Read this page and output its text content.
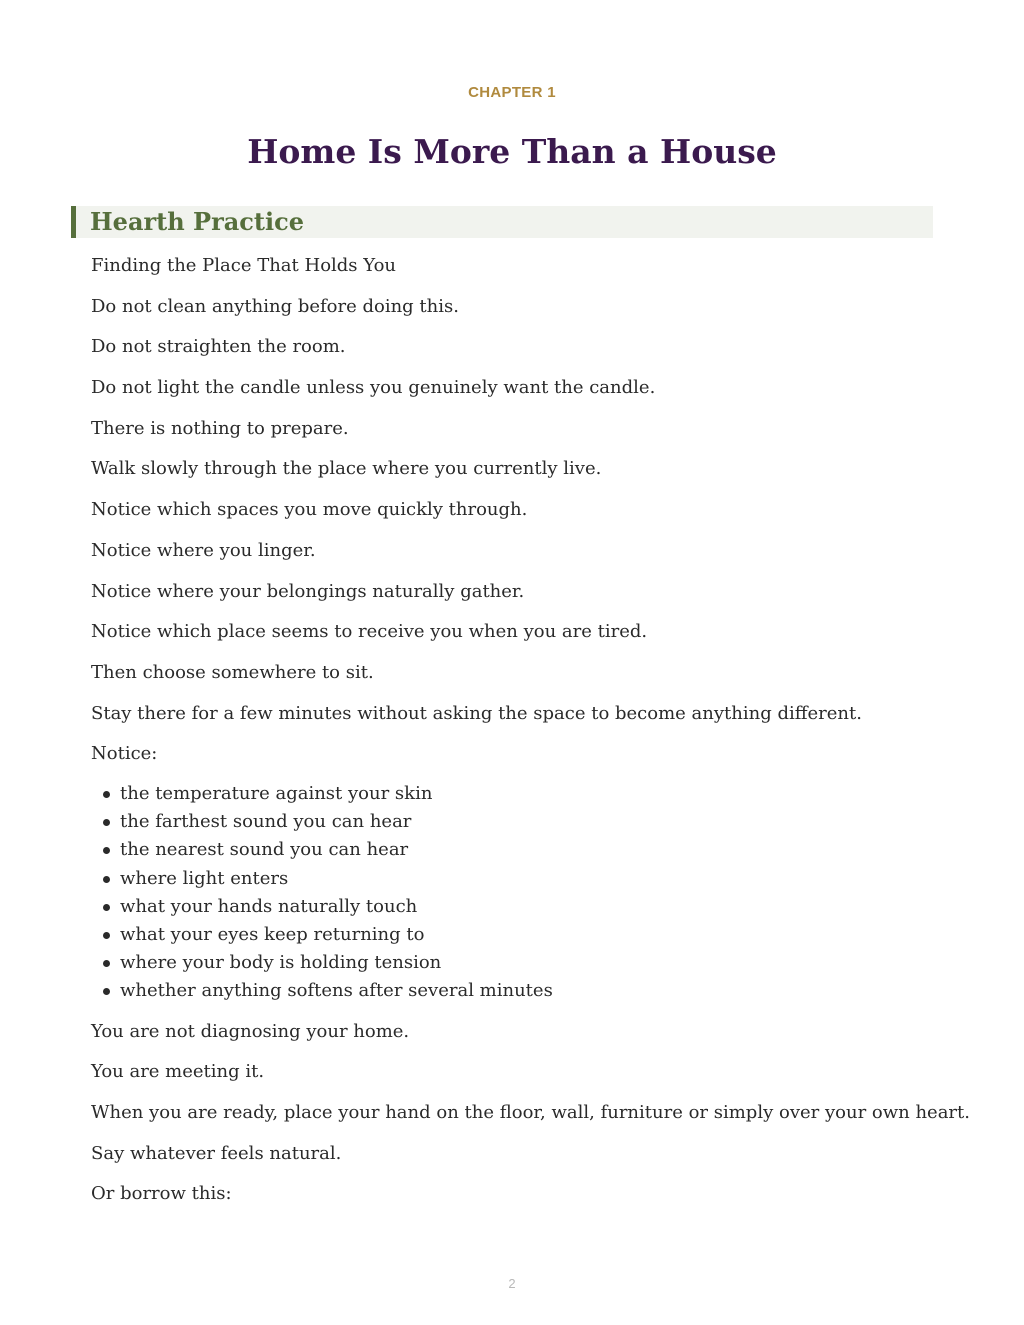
CHAPTER 1
Home Is More Than a House
Hearth Practice

Finding the Place That Holds You

Do not clean anything before doing this.

Do not straighten the room.

Do not light the candle unless you genuinely want the candle.

There is nothing to prepare.

Walk slowly through the place where you currently live.

Notice which spaces you move quickly through.

Notice where you linger.

Notice where your belongings naturally gather.

Notice which place seems to receive you when you are tired.

Then choose somewhere to sit.

Stay there for a few minutes without asking the space to become anything different.

Notice:

the temperature against your skin
the farthest sound you can hear
the nearest sound you can hear
where light enters
what your hands naturally touch
what your eyes keep returning to
where your body is holding tension
whether anything softens after several minutes

You are not diagnosing your home.

You are meeting it.

When you are ready, place your hand on the floor, wall, furniture or simply over your own heart.

Say whatever feels natural.

Or borrow this:

2
